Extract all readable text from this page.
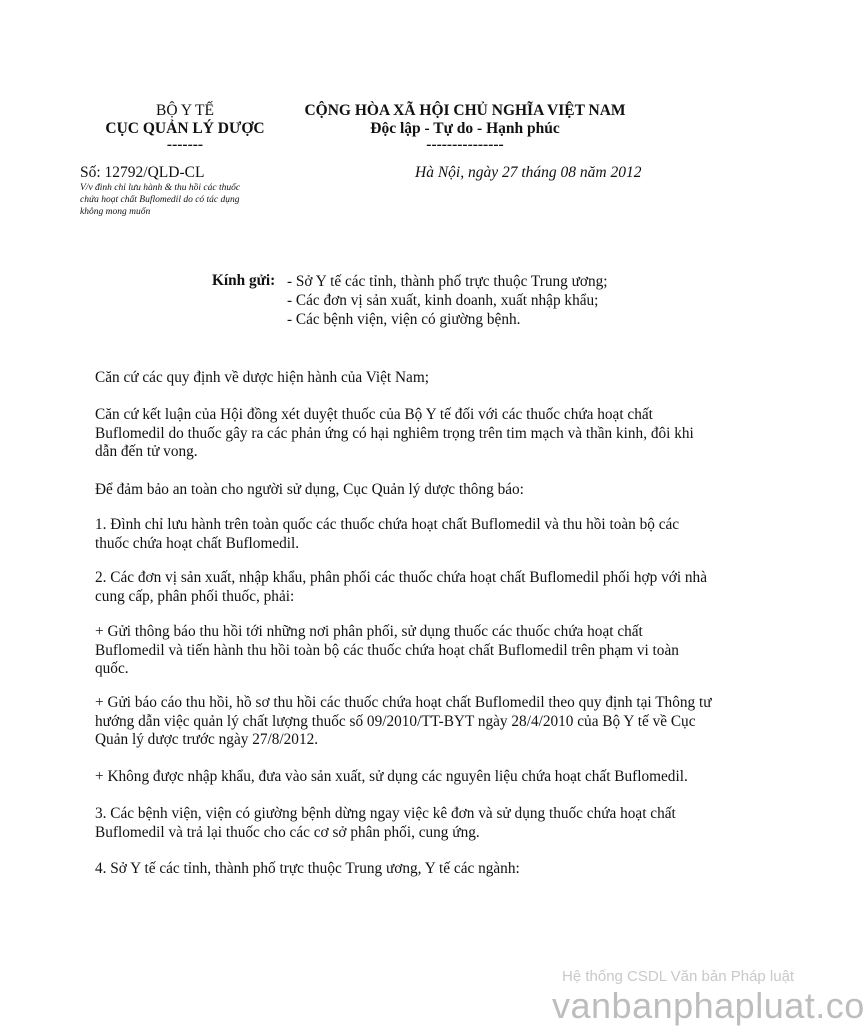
BỘ Y TẾ
CỤC QUẢN LÝ DƯỢC
-------
CỘNG HÒA XÃ HỘI CHỦ NGHĨA VIỆT NAM
Độc lập - Tự do - Hạnh phúc
---------------
Số: 12792/QLD-CL
V/v đình chỉ lưu hành & thu hồi các thuốc
chứa hoạt chất Buflomedil do có tác dụng
không mong muốn
Hà Nội, ngày 27 tháng 08 năm 2012
Kính gửi: - Sở Y tế các tỉnh, thành phố trực thuộc Trung ương;
- Các đơn vị sản xuất, kinh doanh, xuất nhập khẩu;
- Các bệnh viện, viện có giường bệnh.
Căn cứ các quy định về dược hiện hành của Việt Nam;
Căn cứ kết luận của Hội đồng xét duyệt thuốc của Bộ Y tế đối với các thuốc chứa hoạt chất Buflomedil do thuốc gây ra các phản ứng có hại nghiêm trọng trên tim mạch và thần kinh, đôi khi dẫn đến tử vong.
Để đảm bảo an toàn cho người sử dụng, Cục Quản lý dược thông báo:
1. Đình chỉ lưu hành trên toàn quốc các thuốc chứa hoạt chất Buflomedil và thu hồi toàn bộ các thuốc chứa hoạt chất Buflomedil.
2. Các đơn vị sản xuất, nhập khẩu, phân phối các thuốc chứa hoạt chất Buflomedil phối hợp với nhà cung cấp, phân phối thuốc, phải:
+ Gửi thông báo thu hồi tới những nơi phân phối, sử dụng thuốc các thuốc chứa hoạt chất Buflomedil và tiến hành thu hồi toàn bộ các thuốc chứa hoạt chất Buflomedil trên phạm vi toàn quốc.
+ Gửi báo cáo thu hồi, hồ sơ thu hồi các thuốc chứa hoạt chất Buflomedil theo quy định tại Thông tư hướng dẫn việc quản lý chất lượng thuốc số 09/2010/TT-BYT ngày 28/4/2010 của Bộ Y tế về Cục Quản lý dược trước ngày 27/8/2012.
+ Không được nhập khẩu, đưa vào sản xuất, sử dụng các nguyên liệu chứa hoạt chất Buflomedil.
3. Các bệnh viện, viện có giường bệnh dừng ngay việc kê đơn và sử dụng thuốc chứa hoạt chất Buflomedil và trả lại thuốc cho các cơ sở phân phối, cung ứng.
4. Sở Y tế các tỉnh, thành phố trực thuộc Trung ương, Y tế các ngành:
Hệ thống CSDL Văn bản Pháp luật
vanbanphapluat.co
